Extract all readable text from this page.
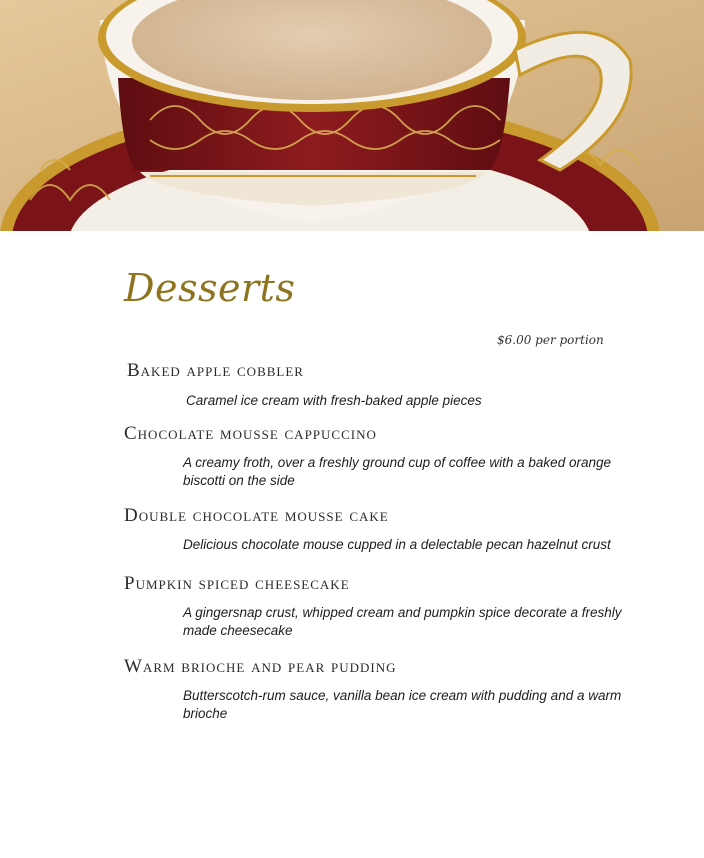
Desserts
$6.00 per portion
Baked apple cobbler

Caramel ice cream with fresh-baked apple pieces

Chocolate mousse cappuccino

A creamy froth, over a freshly ground cup of coffee with a baked orange biscotti on the side

Double chocolate mousse cake

Delicious chocolate mouse cupped in a delectable pecan hazelnut crust

Pumpkin spiced cheesecake

A gingersnap crust, whipped cream and pumpkin spice decorate a freshly made cheesecake

Warm brioche and pear pudding

Butterscotch-rum sauce, vanilla bean ice cream with pudding and a warm brioche
